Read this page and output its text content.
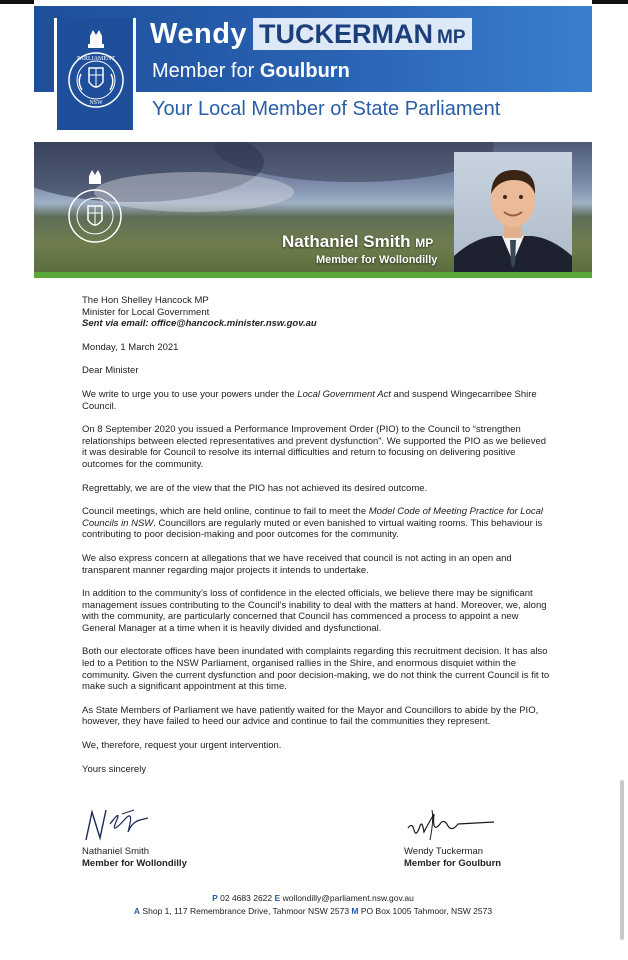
Wendy TUCKERMAN MP
Member for Goulburn
PARLIAMENT
NSW Your Local Member of State Parliament
Nathaniel Smith MP
Member for Wollondilly

The Hon Shelley Hancock MP

Minister for Local Government

Sent via email: office@hancock.minister.nsw.gov.au

Monday, 1 March 2021

Dear Minister

We write to urge you to use your powers under the Local Government Act and suspend Wingecarribee Shire Council.

On 8 September 2020 you issued a Performance Improvement Order (PIO) to the Council to “strengthen relationships between elected representatives and prevent dysfunction”. We supported the PIO as we believed it was desirable for Council to resolve its internal difficulties and return to focusing on delivering positive outcomes for the community.

Regrettably, we are of the view that the PIO has not achieved its desired outcome.

Council meetings, which are held online, continue to fail to meet the Model Code of Meeting Practice for Local Councils in NSW. Councillors are regularly muted or even banished to virtual waiting rooms. This behaviour is contributing to poor decision-making and poor outcomes for the community.

We also express concern at allegations that we have received that council is not acting in an open and transparent manner regarding major projects it intends to undertake.

In addition to the community’s loss of confidence in the elected officials, we believe there may be significant management issues contributing to the Council’s inability to deal with the matters at hand. Moreover, we, along with the community, are particularly concerned that Council has commenced a process to appoint a new General Manager at a time when it is heavily divided and dysfunctional.

Both our electorate offices have been inundated with complaints regarding this recruitment decision. It has also led to a Petition to the NSW Parliament, organised rallies in the Shire, and enormous disquiet within the community. Given the current dysfunction and poor decision-making, we do not think the current Council is fit to make such a significant appointment at this time.

As State Members of Parliament we have patiently waited for the Mayor and Councillors to abide by the PIO, however, they have failed to heed our advice and continue to fail the communities they represent.

We, therefore, request your urgent intervention.

Yours sincerely

Nathaniel Smith

Member for Wollondilly

Wendy Tuckerman

Member for Goulburn

P 02 4683 2622 E wollondilly@parliament.nsw.gov.au
A Shop 1, 117 Remembrance Drive, Tahmoor NSW 2573 M PO Box 1005 Tahmoor, NSW 2573
